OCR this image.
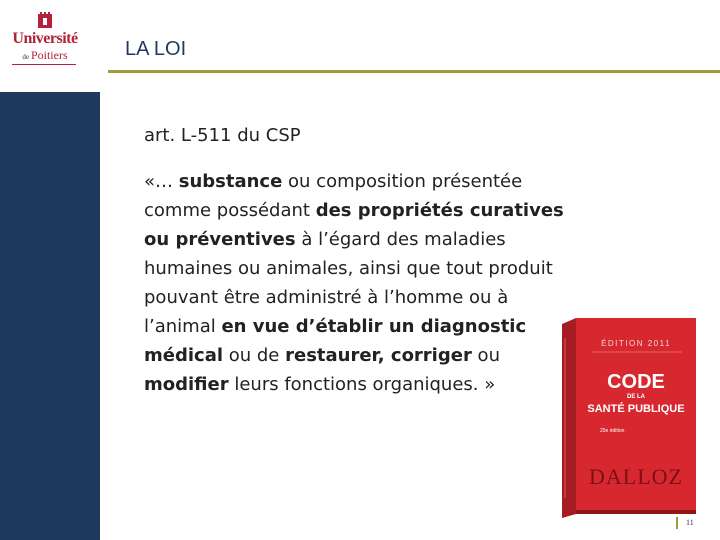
Université
de Poitiers	LA LOI
art. L-511 du CSP

«… substance ou composition présentée comme possédant des propriétés curatives ou préventives à l’égard des maladies humaines ou animales, ainsi que tout produit pouvant être administré à l’homme ou à l’animal en vue d’établir un diagnostic médical ou de restaurer, corriger ou modifier leurs fonctions organiques. »

ÉDITION 2011
CODE
DE LA
SANTÉ PUBLIQUE
25e édition
DALLOZ
11
